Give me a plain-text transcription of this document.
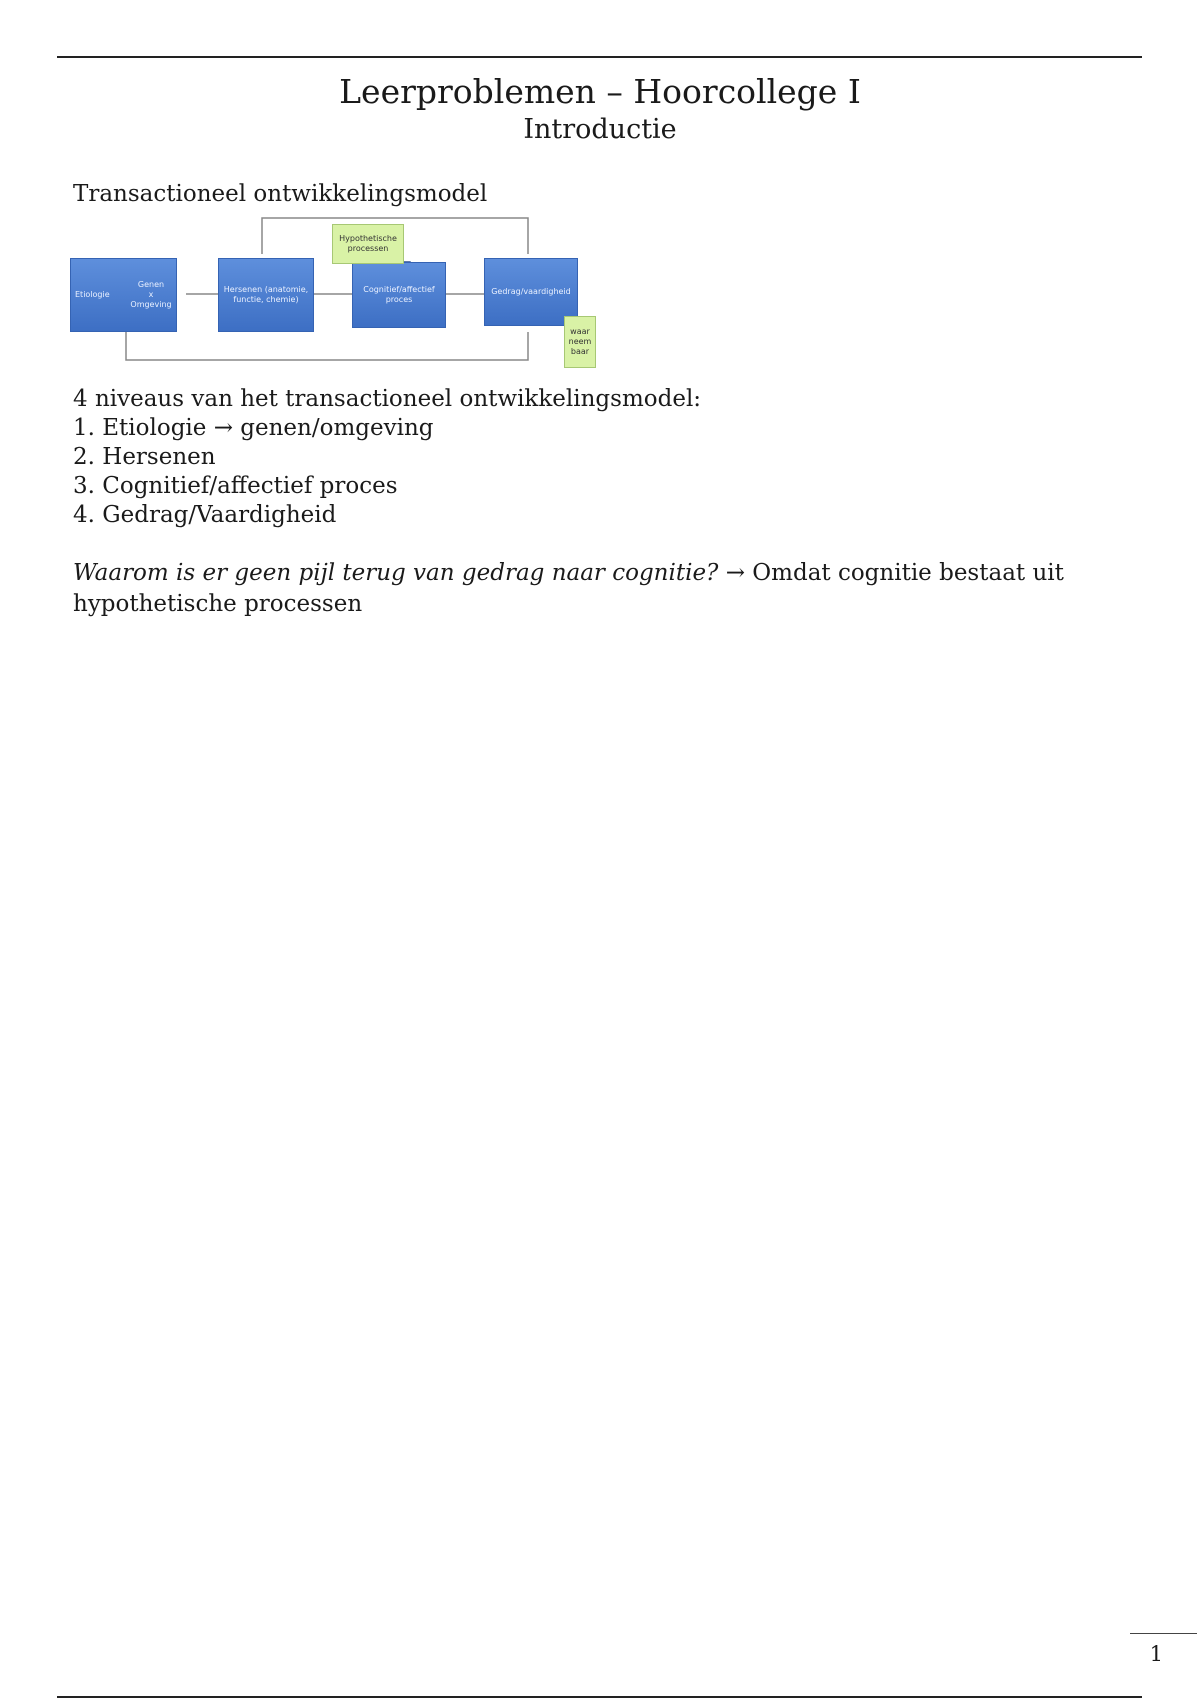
Leerproblemen – Hoorcollege I
Introductie
Transactioneel ontwikkelingsmodel
Etiologie
Genen
x
Omgeving
Hersenen (anatomie,
functie, chemie)
Cognitief/affectief
proces
Gedrag/vaardigheid
Hypothetische
processen
waar
neem
baar
4 niveaus van het transactioneel ontwikkelingsmodel:
1. Etiologie → genen/omgeving
2. Hersenen
3. Cognitief/affectief proces
4. Gedrag/Vaardigheid
Waarom is er geen pijl terug van gedrag naar cognitie? → Omdat cognitie bestaat uit
hypothetische processen
1
